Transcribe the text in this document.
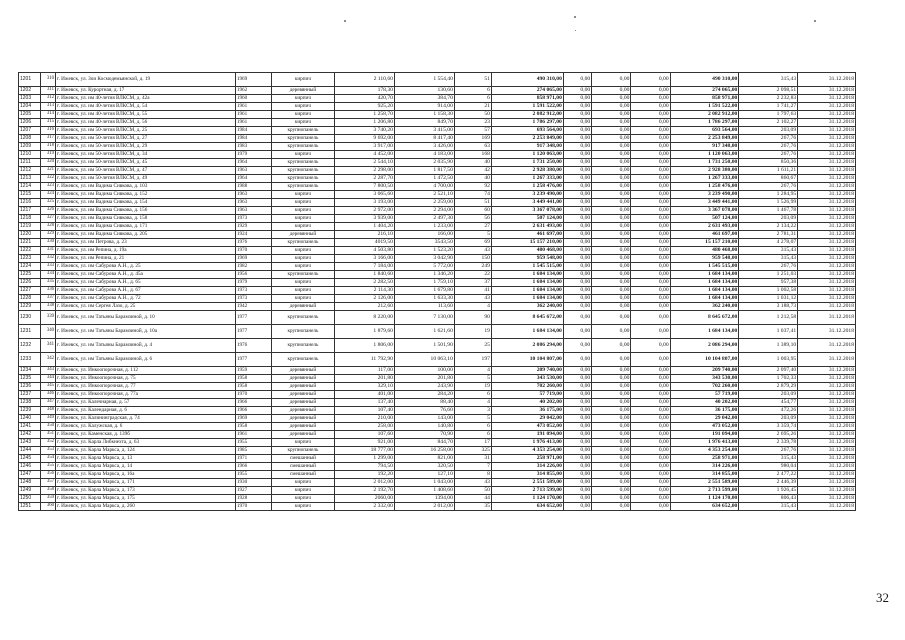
1201	310	г. Ижевск, ул. Зои Космодемьянской, д. 19	1969	кирпич	2 110,60	1 554,40	51	490 310,00	0,00	0,00	0,00	490 310,00	315,43	31.12.2018
1202	311	г. Ижевск, ул. Курортная, д. 17	1962	деревянный	178,30	130,60	6	274 065,00	0,00	0,00	0,00	274 065,00	2 098,51	31.12.2018
1203	312	г. Ижевск, ул. им 40-летия ВЛКСМ, д. 42а	1960	кирпич	420,70	384,70	6	858 971,00	0,00	0,00	0,00	858 971,00	2 232,83	31.12.2018
1204	313	г. Ижевск, ул. им 40-летия ВЛКСМ, д. 54	1961	кирпич	925,20	914,00	21	1 591 522,00	0,00	0,00	0,00	1 591 522,00	1 741,27	31.12.2018
1205	314	г. Ижевск, ул. им 40-летия ВЛКСМ, д. 55	1961	кирпич	1 258,70	1 158,30	50	2 082 912,00	0,00	0,00	0,00	2 082 912,00	1 797,63	31.12.2018
1206	315	г. Ижевск, ул. им 40-летия ВЛКСМ, д. 56	1961	кирпич	1 206,80	849,70	23	1 786 297,00	0,00	0,00	0,00	1 786 297,00	2 102,27	31.12.2018
1207	316	г. Ижевск, ул. им 50-летия ВЛКСМ, д. 25	1984	крупнопанель	3 740,20	3 415,00	57	693 564,00	0,00	0,00	0,00	693 564,00	203,09	31.12.2018
1208	317	г. Ижевск, ул. им 50-летия ВЛКСМ, д. 27	1984	крупнопанель	9 692,00	8 417,40	169	2 253 849,00	0,00	0,00	0,00	2 253 849,00	267,76	31.12.2018
1209	318	г. Ижевск, ул. им 50-летия ВЛКСМ, д. 29	1983	крупнопанель	3 917,00	3 426,00	63	917 348,00	0,00	0,00	0,00	917 348,00	267,76	31.12.2018
1210	319	г. Ижевск, ул. им 50-летия ВЛКСМ, д. 34	1979	кирпич	4 452,00	4 183,00	168	1 120 063,00	0,00	0,00	0,00	1 120 063,00	267,76	31.12.2018
1211	320	г. Ижевск, ул. им 50-летия ВЛКСМ, д. 45	1964	крупнопанель	2 544,10	2 035,90	40	1 731 250,00	0,00	0,00	0,00	1 731 250,00	850,36	31.12.2018
1212	321	г. Ижевск, ул. им 50-летия ВЛКСМ, д. 47	1963	крупнопанель	2 298,00	1 817,50	42	2 928 380,00	0,00	0,00	0,00	2 928 380,00	1 611,21	31.12.2018
1213	322	г. Ижевск, ул. им 50-летия ВЛКСМ, д. 49	1964	крупнопанель	2 287,70	1 472,50	40	1 267 333,00	0,00	0,00	0,00	1 267 333,00	860,67	31.12.2018
1214	323	г. Ижевск, ул. им Вадима Сивкова, д. 103	1988	крупнопанель	7 800,50	4 700,00	92	1 258 476,00	0,00	0,00	0,00	1 258 476,00	267,76	31.12.2018
1215	324	г. Ижевск, ул. им Вадима Сивкова, д. 152	1963	кирпич	3 065,60	2 521,10	74	3 239 490,00	0,00	0,00	0,00	3 239 490,00	1 284,95	31.12.2018
1216	325	г. Ижевск, ул. им Вадима Сивкова, д. 154	1963	кирпич	3 193,00	2 259,00	51	3 449 441,00	0,00	0,00	0,00	3 449 441,00	1 526,99	31.12.2018
1217	326	г. Ижевск, ул. им Вадима Сивкова, д. 156	1963	кирпич	2 972,00	2 294,00	60	3 367 078,00	0,00	0,00	0,00	3 367 078,00	1 467,78	31.12.2018
1218	327	г. Ижевск, ул. им Вадима Сивкова, д. 158	1973	кирпич	3 939,00	2 497,30	56	507 124,00	0,00	0,00	0,00	507 124,00	203,09	31.12.2018
1219	328	г. Ижевск, ул. им Вадима Сивкова, д. 171	1929	кирпич	1 404,20	1 233,00	27	2 631 493,00	0,00	0,00	0,00	2 631 493,00	2 134,22	31.12.2018
1220	329	г. Ижевск, ул. им Вадима Сивкова, д. 205	1924	деревянный	216,10	166,00	5	461 697,00	0,00	0,00	0,00	461 697,00	2 781,31	31.12.2018
1221	330	г. Ижевск, ул. им Петрова, д. 23	1976	крупнопанель	4019,50	3543,50	69	15 157 210,00	0,00	0,00	0,00	15 157 210,00	4 278,07	31.12.2018
1222	331	г. Ижевск, ул. им Репина, д. 19а	1970	кирпич	4 503,80	1 523,20	43	480 468,00	0,00	0,00	0,00	480 468,00	315,43	31.12.2018
1223	332	г. Ижевск, ул. им Репина, д. 21	1969	кирпич	3 166,00	3 042,90	150	959 548,00	0,00	0,00	0,00	959 548,00	315,43	31.12.2018
1224	333	г. Ижевск, ул. им Сабурова А.Н., д. 25	1982	кирпич	7 184,00	5 772,00	249	1 545 515,00	0,00	0,00	0,00	1 545 515,00	267,76	31.12.2018
1225	334	г. Ижевск, ул. им Сабурова А.Н., д. 45а	1956	крупнопанель	1 840,60	1 346,20	22	1 684 134,00	0,00	0,00	0,00	1 684 134,00	1 251,03	31.12.2018
1226	335	г. Ижевск, ул. им Сабурова А.Н., д. 65	1979	кирпич	2 282,50	1 759,10	37	1 684 134,00	0,00	0,00	0,00	1 684 134,00	957,38	31.12.2018
1227	336	г. Ижевск, ул. им Сабурова А.Н., д. 67	1973	кирпич	2 114,30	1 679,80	41	1 684 134,00	0,00	0,00	0,00	1 684 134,00	1 002,58	31.12.2018
1228	337	г. Ижевск, ул. им Сабурова А.Н., д. 72	1973	кирпич	2 126,00	1 633,30	43	1 684 134,00	0,00	0,00	0,00	1 684 134,00	1 031,12	31.12.2018
1229	338	г. Ижевск, ул. им Сергея Лазо, д. 25	1942	деревянный	212,60	113,60	4	362 240,00	0,00	0,00	0,00	362 240,00	3 188,73	31.12.2018
1230	339	г. Ижевск, ул. им Татьяны Барамзиной, д. 10	1977	крупнопанель	8 220,00	7 130,00	90	8 645 672,00	0,00	0,00	0,00	8 645 672,00	1 212,58	31.12.2018
1231	340	г. Ижевск, ул. им Татьяны Барамзиной, д. 10а	1977	крупнопанель	1 879,60	1 621,60	19	1 684 134,00	0,00	0,00	0,00	1 684 134,00	1 037,41	31.12.2018
1232	341	г. Ижевск, ул. им Татьяны Барамзиной, д. 4	1976	крупнопанель	1 806,00	1 501,90	25	2 086 294,00	0,00	0,00	0,00	2 086 294,00	1 389,10	31.12.2018
1233	342	г. Ижевск, ул. им Татьяны Барамзиной, д. 6	1977	крупнопанель	11 792,90	10 063,10	197	10 104 807,00	0,00	0,00	0,00	10 104 807,00	1 003,95	31.12.2018
1234	343	г. Ижевск, ул. Инкоопорочная, д. 112	1959	деревянный	117,00	100,00	4	209 740,00	0,00	0,00	0,00	209 740,00	2 097,40	31.12.2018
1235	344	г. Ижевск, ул. Инкоопорочная, д. 75	1958	деревянный	201,80	201,80	5	343 530,00	0,00	0,00	0,00	343 530,00	1 702,33	31.12.2018
1236	345	г. Ижевск, ул. Инкоопорочная, д. 77	1958	деревянный	329,10	243,90	19	702 260,00	0,00	0,00	0,00	702 260,00	2 879,29	31.12.2018
1237	346	г. Ижевск, ул. Инкоопорочная, д. 77а	1970	деревянный	401,00	284,20	6	57 719,00	0,00	0,00	0,00	57 719,00	203,09	31.12.2018
1238	347	г. Ижевск, ул. Калечнарная, д. 57	1966	деревянный	137,40	88,40	4	40 202,00	0,00	0,00	0,00	40 202,00	454,77	31.12.2018
1239	348	г. Ижевск, ул. Календарная, д. 6	1966	деревянный	107,40	76,60	3	36 175,00	0,00	0,00	0,00	36 175,00	472,26	31.12.2018
1240	349	г. Ижевск, ул. Калининградская, д. 74	1969	деревянный	210,00	143,00	5	29 042,00	0,00	0,00	0,00	29 042,00	203,09	31.12.2018
1241	350	г. Ижевск, ул. Калужская, д. 6	1958	деревянный	258,00	140,80	6	473 052,00	0,00	0,00	0,00	473 052,00	3 359,74	31.12.2018
1242	351	г. Ижевск, ул. Каменская, д. 139б	1961	деревянный	107,60	70,90	6	191 094,00	0,00	0,00	0,00	191 094,00	2 695,26	31.12.2018
1243	352	г. Ижевск, ул. Карла Либкнехта, д. 63	1955	кирпич	921,00	844,70	17	1 976 413,00	0,00	0,00	0,00	1 976 413,00	2 339,78	31.12.2018
1244	353	г. Ижевск, ул. Карла Маркса, д. 124	1985	крупнопанель	18 777,00	16 258,00	325	4 353 254,00	0,00	0,00	0,00	4 353 254,00	267,76	31.12.2018
1245	354	г. Ижевск, ул. Карла Маркса, д. 13	1971	смешанный	1 299,00	821,00	31	258 971,00	0,00	0,00	0,00	258 971,00	315,43	31.12.2018
1246	355	г. Ижевск, ул. Карла Маркса, д. 14	1966	смешанный	794,50	320,50	7	314 226,00	0,00	0,00	0,00	314 226,00	980,04	31.12.2018
1247	356	г. Ижевск, ул. Карла Маркса, д. 16а	1955	смешанный	192,20	127,10	8	314 855,00	0,00	0,00	0,00	314 855,00	2 477,22	31.12.2018
1248	357	г. Ижевск, ул. Карла Маркса, д. 171	1930	кирпич	2 012,00	1 043,00	43	2 551 589,00	0,00	0,00	0,00	2 551 589,00	2 446,39	31.12.2018
1249	358	г. Ижевск, ул. Карла Маркса, д. 173	1927	кирпич	2 192,70	1 408,60	50	2 713 599,00	0,00	0,00	0,00	2 713 599,00	1 926,45	31.12.2018
1250	359	г. Ижевск, ул. Карла Маркса, д. 175	1928	кирпич	2060,00	1394,00	44	1 124 170,00	0,00	0,00	0,00	1 124 170,00	806,43	31.12.2018
1251	360	г. Ижевск, ул. Карла Маркса, д. 260	1970	кирпич	2 332,00	2 012,00	35	634 652,00	0,00	0,00	0,00	634 652,00	315,43	31.12.2018
32
